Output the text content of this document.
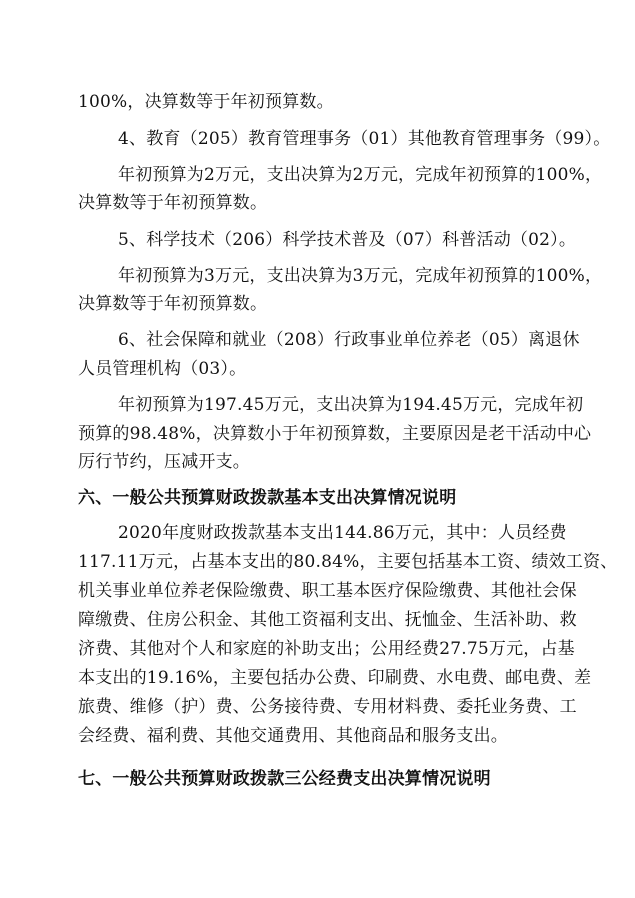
100%，决算数等于年初预算数。
4、教育（205）教育管理事务（01）其他教育管理事务（99）。
年初预算为2万元，支出决算为2万元，完成年初预算的100%，
决算数等于年初预算数。
5、科学技术（206）科学技术普及（07）科普活动（02）。
年初预算为3万元，支出决算为3万元，完成年初预算的100%，
决算数等于年初预算数。
6、社会保障和就业（208）行政事业单位养老（05）离退休
人员管理机构（03）。
年初预算为197.45万元，支出决算为194.45万元，完成年初
预算的98.48%，决算数小于年初预算数，主要原因是老干活动中心
厉行节约，压减开支。
六、一般公共预算财政拨款基本支出决算情况说明
2020年度财政拨款基本支出144.86万元，其中：人员经费
117.11万元，占基本支出的80.84%，主要包括基本工资、绩效工资、
机关事业单位养老保险缴费、职工基本医疗保险缴费、其他社会保
障缴费、住房公积金、其他工资福利支出、抚恤金、生活补助、救
济费、其他对个人和家庭的补助支出；公用经费27.75万元，占基
本支出的19.16%，主要包括办公费、印刷费、水电费、邮电费、差
旅费、维修（护）费、公务接待费、专用材料费、委托业务费、工
会经费、福利费、其他交通费用、其他商品和服务支出。
七、一般公共预算财政拨款三公经费支出决算情况说明
